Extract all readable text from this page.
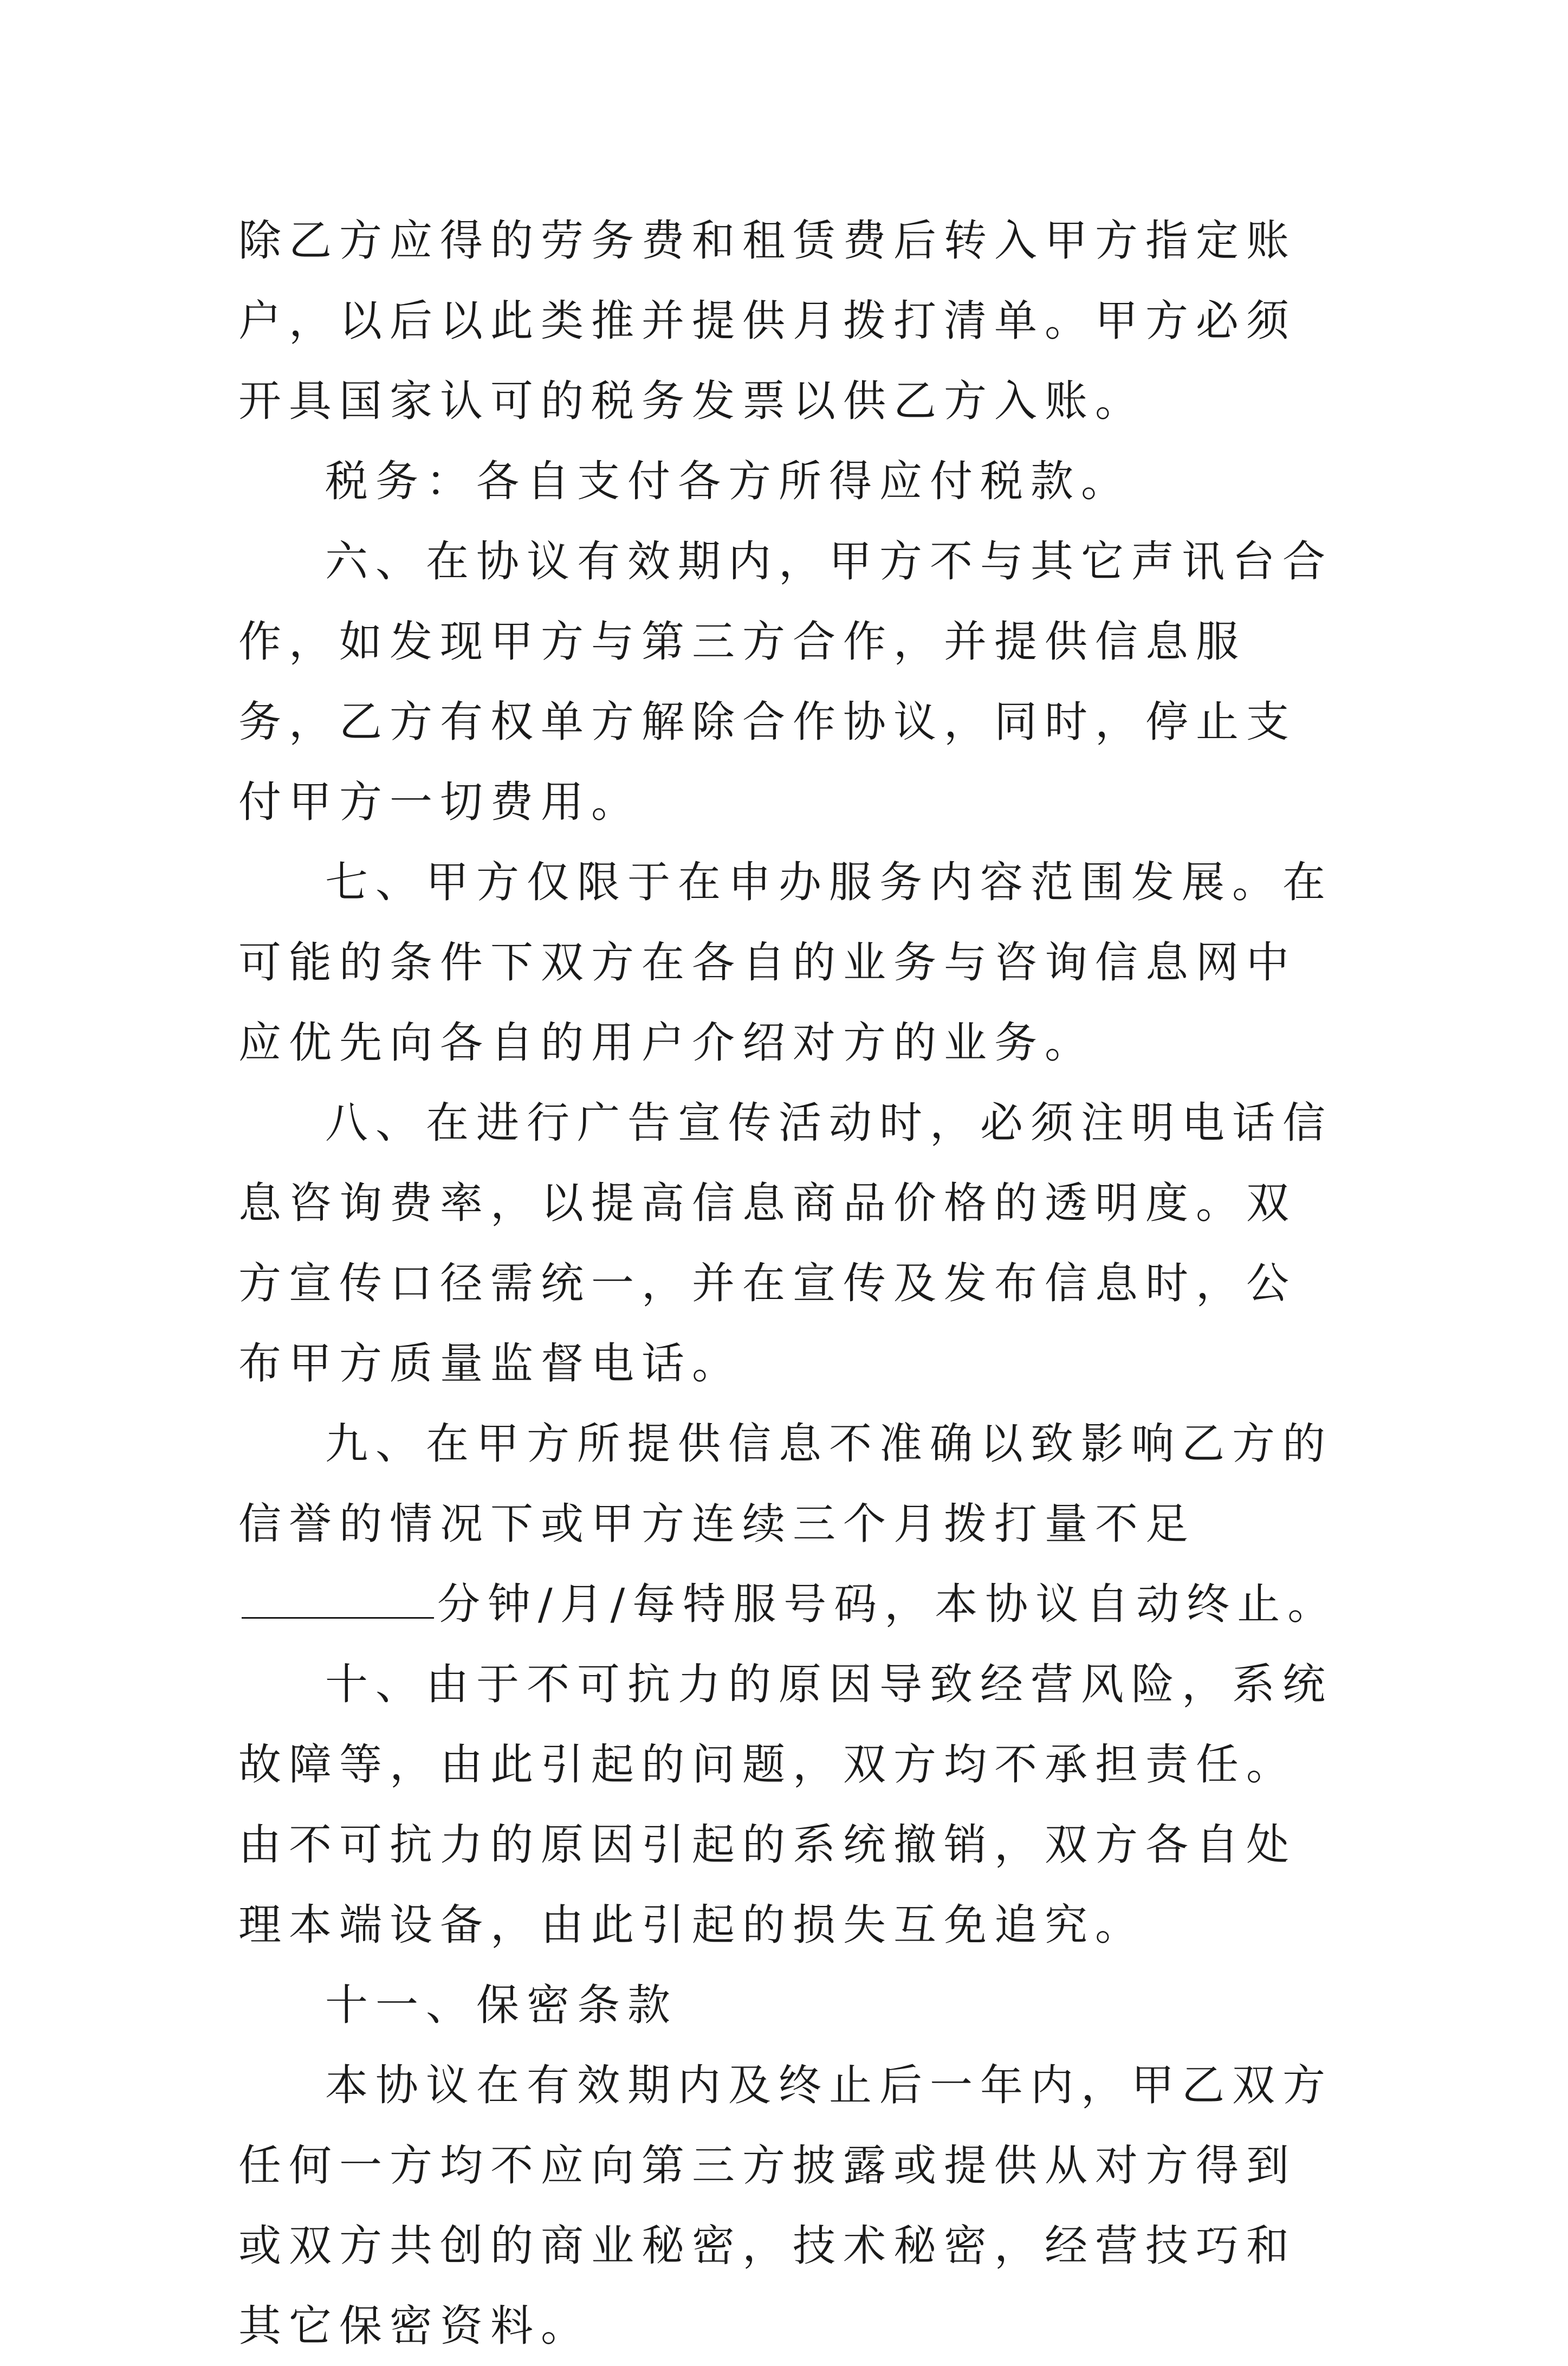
除乙方应得的劳务费和租赁费后转入甲方指定账户，以后以此类推并提供月拨打清单。甲方必须开具国家认可的税务发票以供乙方入账。

税务：各自支付各方所得应付税款。

六、在协议有效期内，甲方不与其它声讯台合作，如发现甲方与第三方合作，并提供信息服务，乙方有权单方解除合作协议，同时，停止支付甲方一切费用。

七、甲方仅限于在申办服务内容范围发展。在可能的条件下双方在各自的业务与咨询信息网中应优先向各自的用户介绍对方的业务。

八、在进行广告宣传活动时，必须注明电话信息咨询费率，以提高信息商品价格的透明度。双方宣传口径需统一，并在宣传及发布信息时，公布甲方质量监督电话。

九、在甲方所提供信息不准确以致影响乙方的信誉的情况下或甲方连续三个月拨打量不足分钟/月/每特服号码，本协议自动终止。

十、由于不可抗力的原因导致经营风险，系统故障等，由此引起的问题，双方均不承担责任。由不可抗力的原因引起的系统撤销，双方各自处理本端设备，由此引起的损失互免追究。

十一、保密条款

本协议在有效期内及终止后一年内，甲乙双方任何一方均不应向第三方披露或提供从对方得到或双方共创的商业秘密，技术秘密，经营技巧和其它保密资料。
